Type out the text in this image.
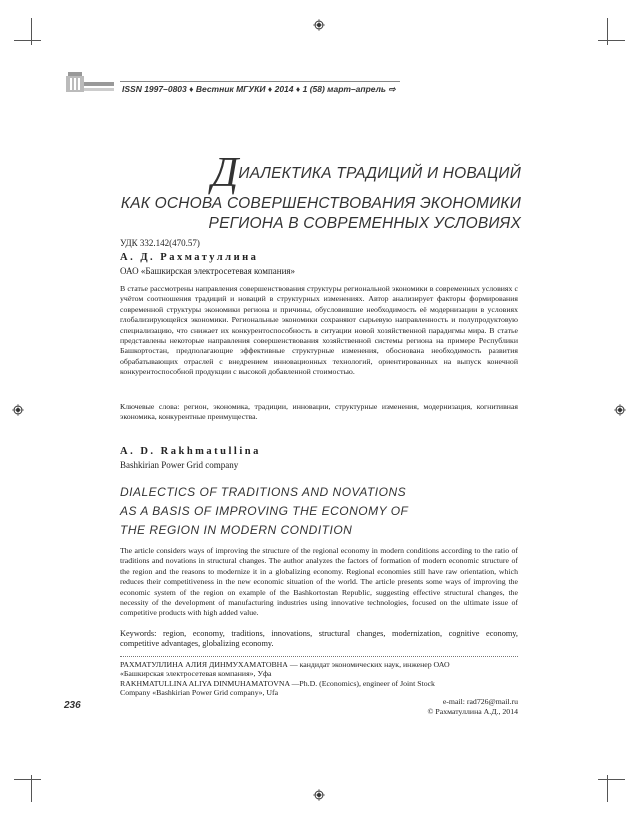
ISSN 1997–0803 ♦ Вестник МГУКИ ♦ 2014 ♦ 1 (58) март–апрель ⇨
ДИАЛЕКТИКА ТРАДИЦИЙ И НОВАЦИЙ
КАК ОСНОВА СОВЕРШЕНСТВОВАНИЯ ЭКОНОМИКИ
РЕГИОНА В СОВРЕМЕННЫХ УСЛОВИЯХ
УДК 332.142(470.57)
А. Д. Рахматуллина
ОАО «Башкирская электросетевая компания»
В статье рассмотрены направления совершенствования структуры региональной экономики в современных условиях с учётом соотношения традиций и новаций в структурных изменениях. Автор анализирует факторы формирования современной структуры экономики региона и причины, обусловившие необходимость её модернизации в условиях глобализирующейся экономики. Региональные экономики сохраняют сырьевую направленность и полупродуктовую специализацию, что снижает их конкурентоспособность в ситуации новой хозяйственной парадигмы мира. В статье представлены некоторые направления совершенствования хозяйственной системы региона на примере Республики Башкортостан, предполагающие эффективные структурные изменения, обоснована необходимость развития обрабатывающих отраслей с внедрением инновационных технологий, ориентированных на выпуск конечной конкурентоспособной продукции с высокой добавленной стоимостью.
Ключевые слова: регион, экономика, традиции, инновации, структурные изменения, модернизация, когнитивная экономика, конкурентные преимущества.
A. D. Rakhmatullina
Bashkirian Power Grid company
DIALECTICS OF TRADITIONS AND NOVATIONS
AS A BASIS OF IMPROVING THE ECONOMY OF
THE REGION IN MODERN CONDITION
The article considers ways of improving the structure of the regional economy in modern conditions according to the ratio of traditions and novations in structural changes. The author analyzes the factors of formation of modern economic structure of the region and the reasons to modernize it in a globalizing economy. Regional economies still have raw orientation, which reduces their competitiveness in the new economic situation of the world. The article presents some ways of improving the economic system of the region on example of the Bashkortostan Republic, suggesting effective structural changes, the necessity of the development of manufacturing industries using innovative technologies, focused on the ultimate issue of competitive products with high added value.
Keywords: region, economy, traditions, innovations, structural changes, modernization, cognitive economy, competitive advantages, globalizing economy.
РАХМАТУЛЛИНА АЛИЯ ДИНМУХАМАТОВНА — кандидат экономических наук, инженер ОАО
«Башкирская электросетевая компания», Уфа
RAKHMATULLINA ALIYA DINMUHAMATOVNA —Ph.D. (Economics), engineer of Joint Stock
Company «Bashkirian Power Grid company», Ufa
e-mail: rad726@mail.ru
© Рахматуллина А.Д., 2014
236
